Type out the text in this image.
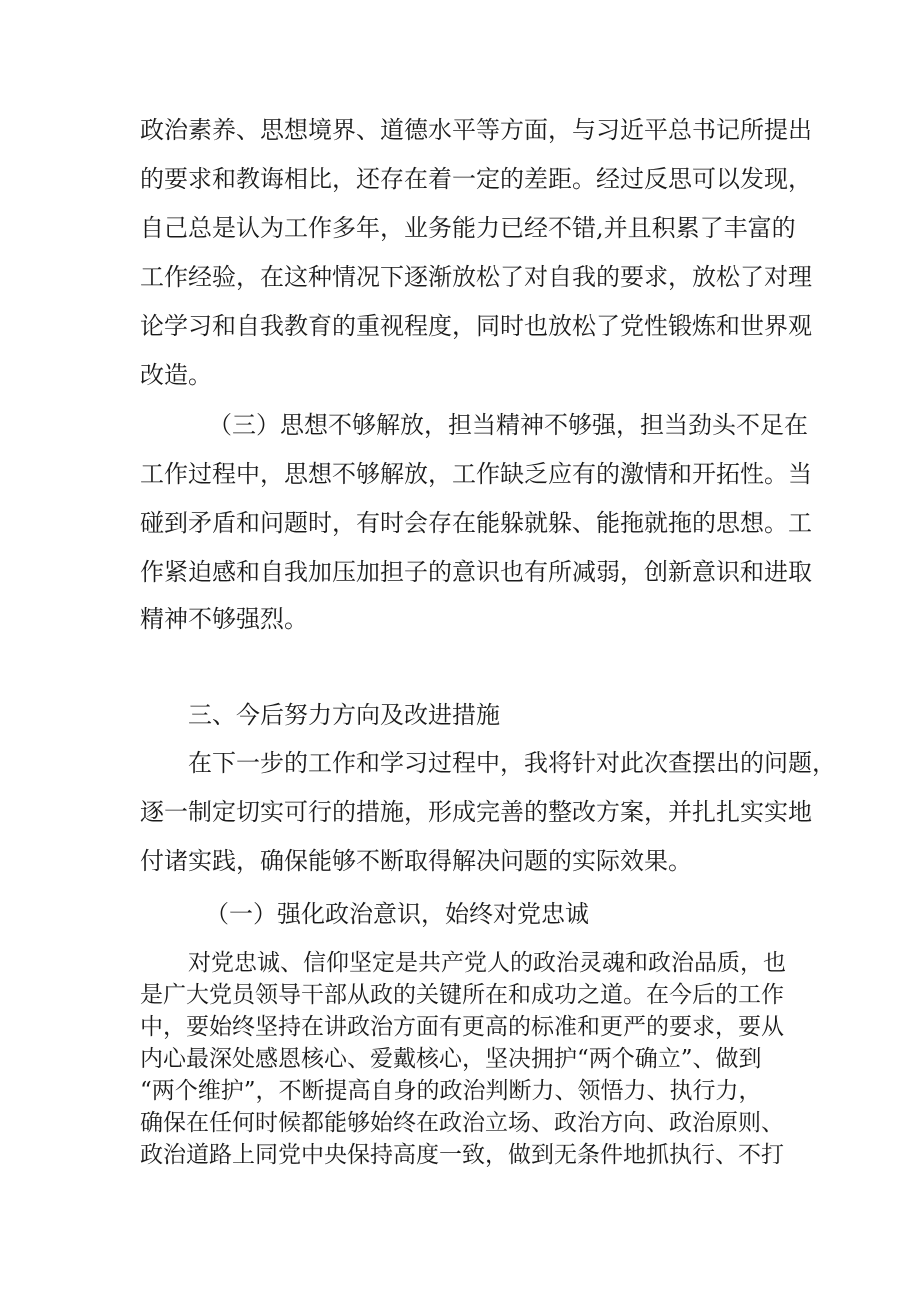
政治素养、思想境界、道德水平等方面，与习近平总书记所提出
的要求和教诲相比，还存在着一定的差距。经过反思可以发现，
自己总是认为工作多年，业务能力已经不错,并且积累了丰富的
工作经验，在这种情况下逐渐放松了对自我的要求，放松了对理
论学习和自我教育的重视程度，同时也放松了党性锻炼和世界观
改造。
（三）思想不够解放，担当精神不够强，担当劲头不足在
工作过程中，思想不够解放，工作缺乏应有的激情和开拓性。当
碰到矛盾和问题时，有时会存在能躲就躲、能拖就拖的思想。工
作紧迫感和自我加压加担子的意识也有所减弱，创新意识和进取
精神不够强烈。
三、今后努力方向及改进措施
在下一步的工作和学习过程中，我将针对此次查摆出的问题，
逐一制定切实可行的措施，形成完善的整改方案，并扎扎实实地
付诸实践，确保能够不断取得解决问题的实际效果。
（一）强化政治意识，始终对党忠诚
对党忠诚、信仰坚定是共产党人的政治灵魂和政治品质，也
是广大党员领导干部从政的关键所在和成功之道。在今后的工作
中，要始终坚持在讲政治方面有更高的标准和更严的要求，要从
内心最深处感恩核心、爱戴核心，坚决拥护“两个确立”、做到
“两个维护”，不断提高自身的政治判断力、领悟力、执行力，
确保在任何时候都能够始终在政治立场、政治方向、政治原则、
政治道路上同党中央保持高度一致，做到无条件地抓执行、不打
